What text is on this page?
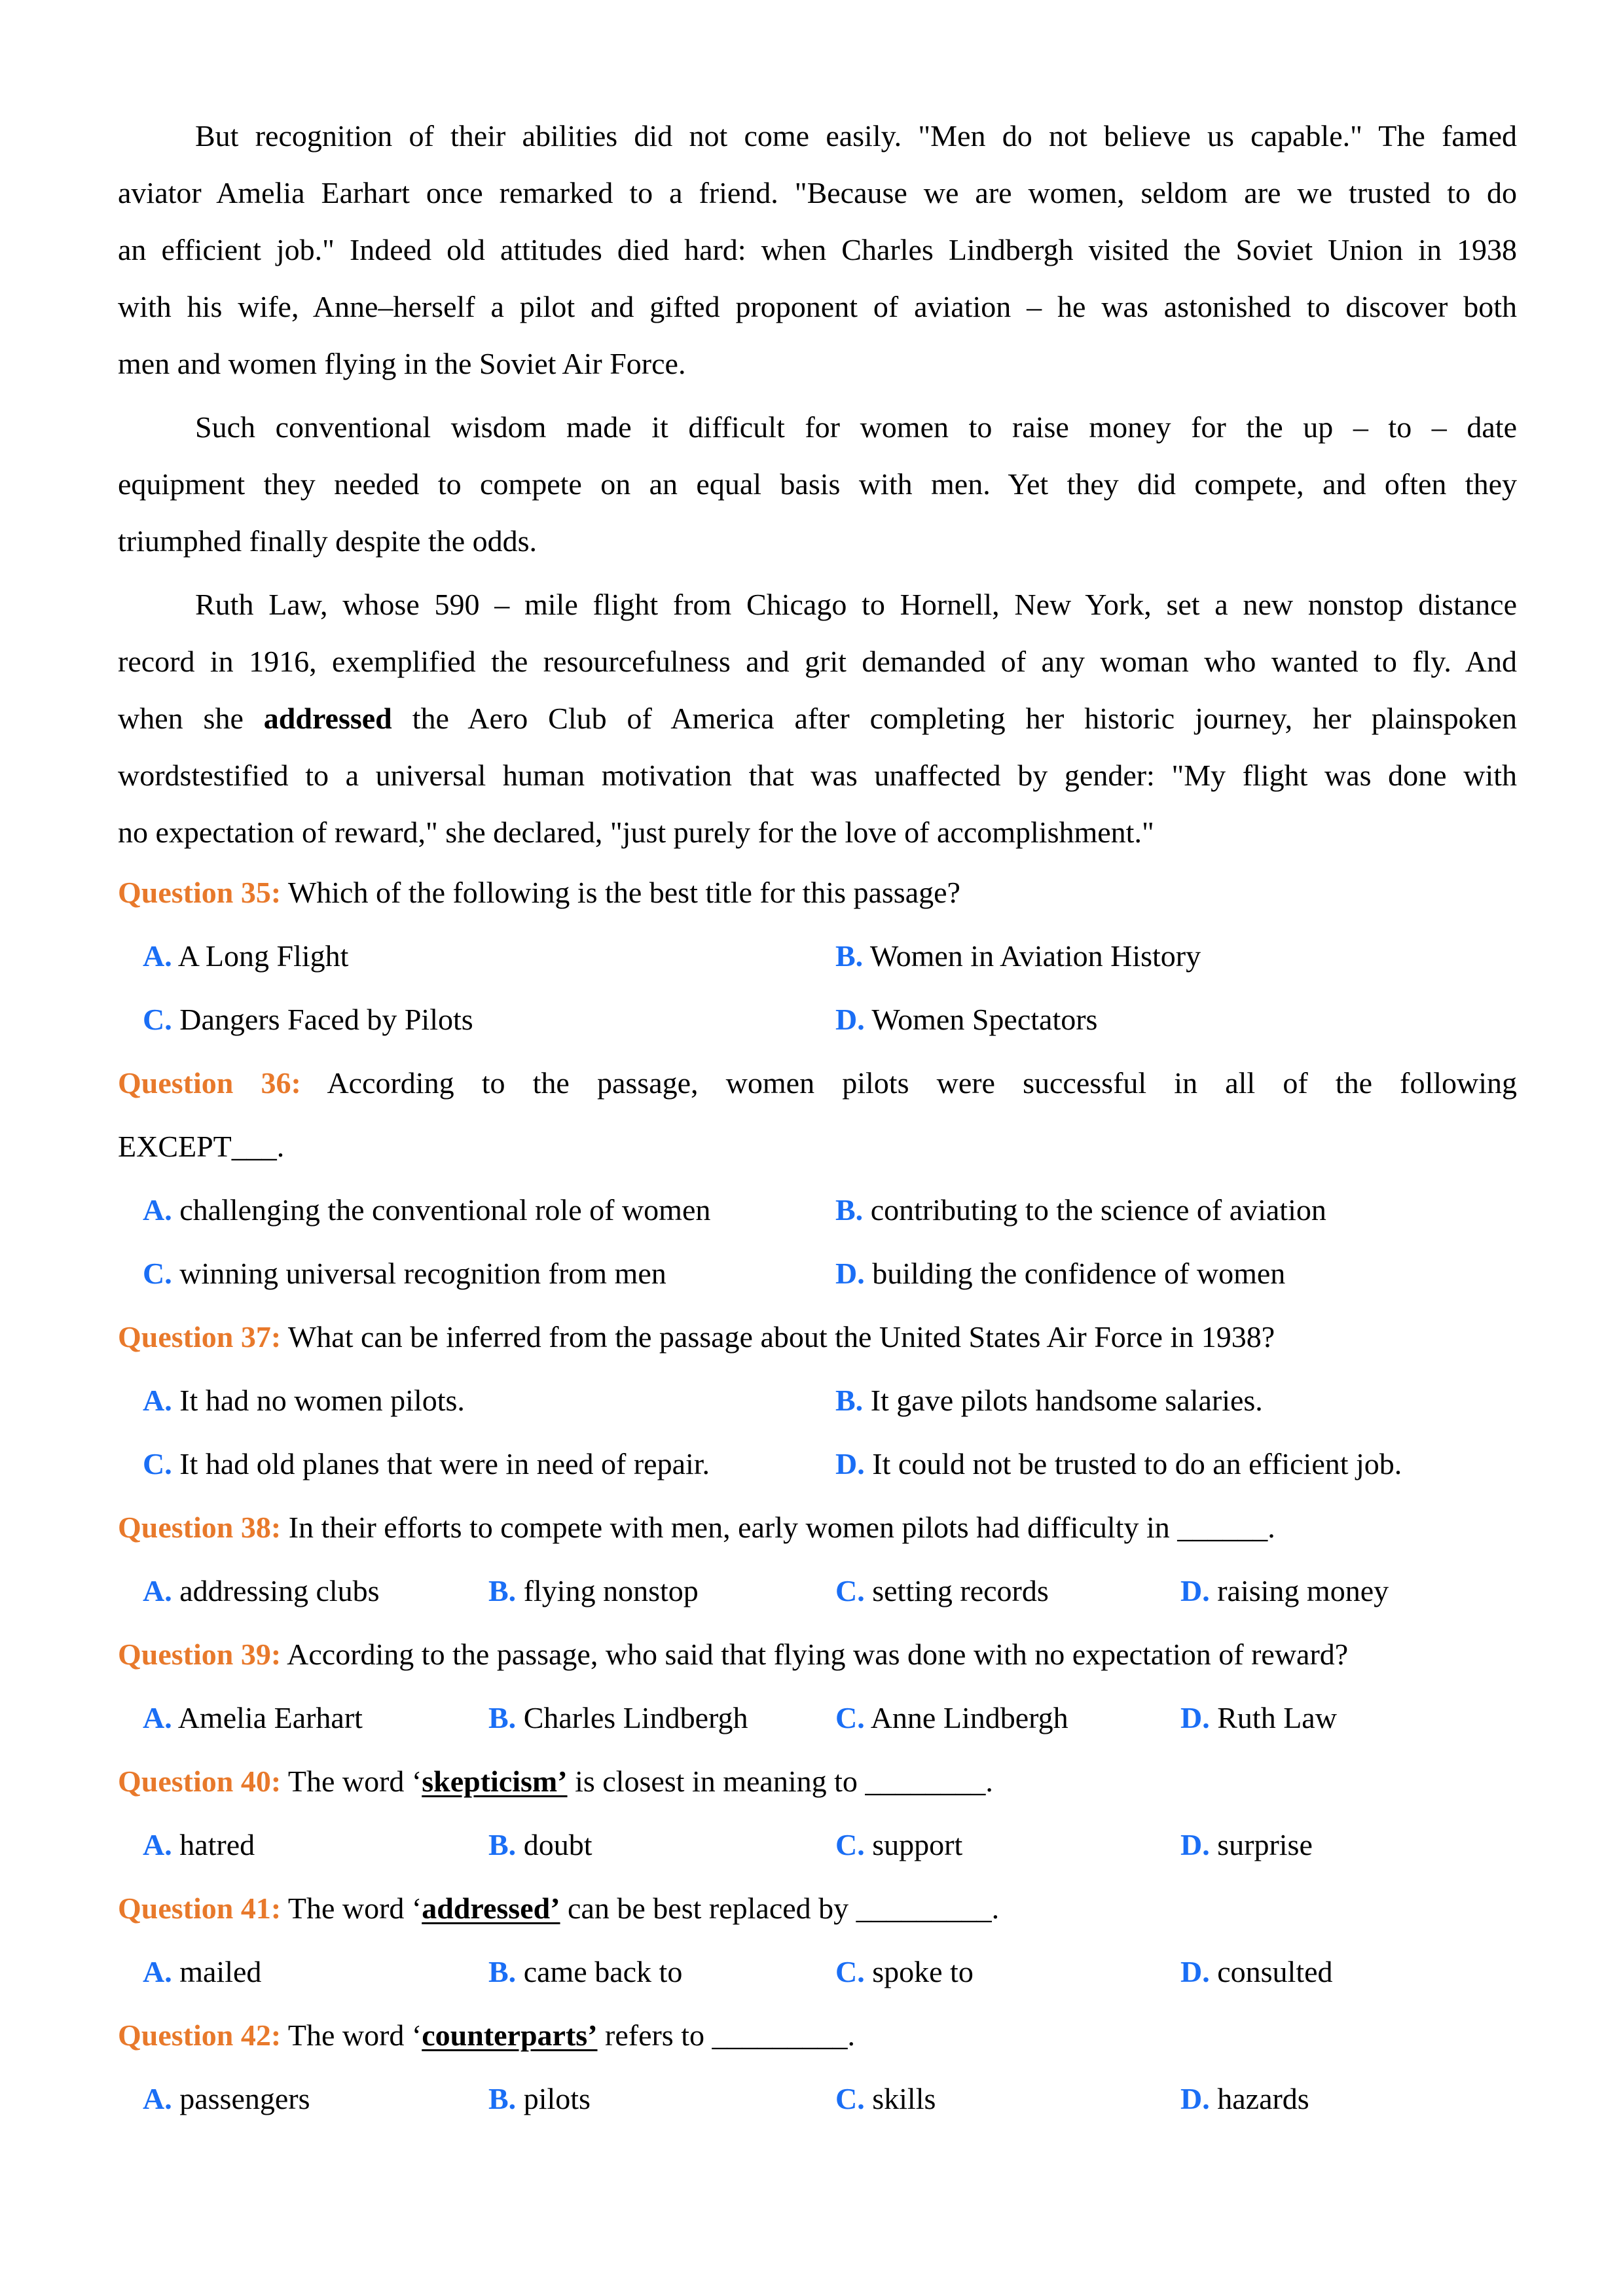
But recognition of their abilities did not come easily. "Men do not believe us capable." The famed
aviator Amelia Earhart once remarked to a friend. "Because we are women, seldom are we trusted to do
an efficient job." Indeed old attitudes died hard: when Charles Lindbergh visited the Soviet Union in 1938
with his wife, Anne–herself a pilot and gifted proponent of aviation – he was astonished to discover both
men and women flying in the Soviet Air Force.
Such conventional wisdom made it difficult for women to raise money for the up – to – date
equipment they needed to compete on an equal basis with men. Yet they did compete, and often they
triumphed finally despite the odds.
Ruth Law, whose 590 – mile flight from Chicago to Hornell, New York, set a new nonstop distance
record in 1916, exemplified the resourcefulness and grit demanded of any woman who wanted to fly. And
when she addressed the Aero Club of America after completing her historic journey, her plainspoken
wordstestified to a universal human motivation that was unaffected by gender: "My flight was done with
no expectation of reward," she declared, "just purely for the love of accomplishment."
Question 35: Which of the following is the best title for this passage?
A. A Long Flight	B. Women in Aviation History
C. Dangers Faced by Pilots	D. Women Spectators
Question 36: According to the passage, women pilots were successful in all of the following
EXCEPT___.
A. challenging the conventional role of women	B. contributing to the science of aviation
C. winning universal recognition from men	D. building the confidence of women
Question 37: What can be inferred from the passage about the United States Air Force in 1938?
A. It had no women pilots.	B. It gave pilots handsome salaries.
C. It had old planes that were in need of repair.	D. It could not be trusted to do an efficient job.
Question 38: In their efforts to compete with men, early women pilots had difficulty in ______.
A. addressing clubs	B. flying nonstop	C. setting records	D. raising money
Question 39: According to the passage, who said that flying was done with no expectation of reward?
A. Amelia Earhart	B. Charles Lindbergh	C. Anne Lindbergh	D. Ruth Law
Question 40: The word ‘skepticism’ is closest in meaning to ________.
A. hatred	B. doubt	C. support	D. surprise
Question 41: The word ‘addressed’ can be best replaced by _________.
A. mailed	B. came back to	C. spoke to	D. consulted
Question 42: The word ‘counterparts’ refers to _________.
A. passengers	B. pilots	C. skills	D. hazards
